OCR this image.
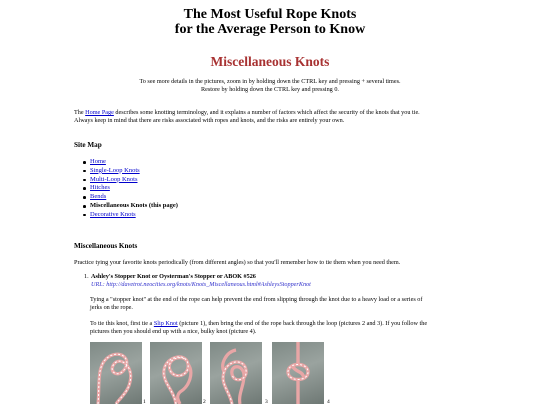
The Most Useful Rope Knots
for the Average Person to Know
Miscellaneous Knots
To see more details in the pictures, zoom in by holding down the CTRL key and pressing + several times.
Restore by holding down the CTRL key and pressing 0.
The Home Page describes some knotting terminology, and it explains a number of factors which affect the security of the knots that you tie.
Always keep in mind that there are risks associated with ropes and knots, and the risks are entirely your own.
Site Map
Home
Single-Loop Knots
Multi-Loop Knots
Hitches
Bends
Miscellaneous Knots (this page)
Decorative Knots
Miscellaneous Knots
Practice tying your favorite knots periodically (from different angles) so that you'll remember how to tie them when you need them.
1. Ashley's Stopper Knot or Oysterman's Stopper or ABOK #526
URL: http://davetrot.neocities.org/knots/Knots_Miscellaneous.html#AshleysStopperKnot
Tying a "stopper knot" at the end of the rope can help prevent the end from slipping through the knot due to a heavy load or a series of
jerks on the rope.
To tie this knot, first tie a Slip Knot (picture 1), then bring the end of the rope back through the loop (pictures 2 and 3). If you follow the
pictures then you should end up with a nice, bulky knot (picture 4).
1	2	3	4
